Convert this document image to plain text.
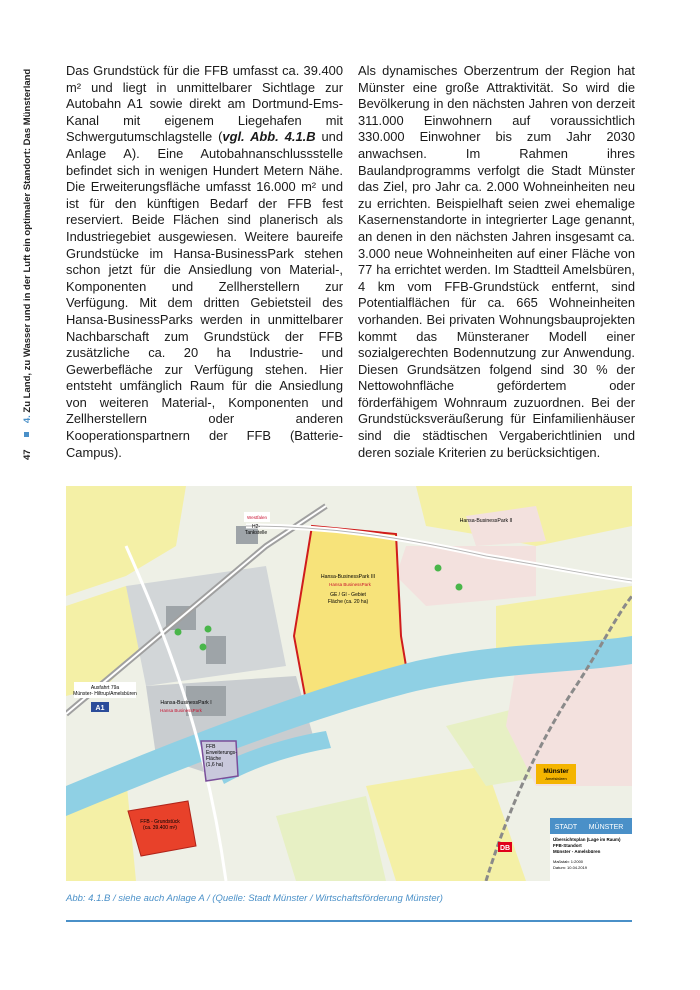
47  4. Zu Land, zu Wasser und in der Luft ein optimaler Standort: Das Münsterland	Das Grundstück für die FFB umfasst ca. 39.400 m² und liegt in unmittelbarer Sichtlage zur Autobahn A1 sowie direkt am Dortmund-Ems-Kanal mit eigenem Liegehafen mit Schwergutumschlagstelle (vgl. Abb. 4.1.B und Anlage A). Eine Autobahnanschlussstelle befindet sich in wenigen Hundert Metern Nähe. Die Erweiterungsfläche umfasst 16.000 m² und ist für den künftigen Bedarf der FFB fest reserviert. Beide Flächen sind planerisch als Industriegebiet ausgewiesen. Weitere baureife Grundstücke im Hansa-BusinessPark stehen schon jetzt für die Ansiedlung von Material-, Komponenten und Zellherstellern zur Verfügung. Mit dem dritten Gebietsteil des Hansa-BusinessParks werden in unmittelbarer Nachbarschaft zum Grundstück der FFB zusätzliche ca. 20 ha Industrie- und Gewerbefläche zur Verfügung stehen. Hier entsteht umfänglich Raum für die Ansiedlung von weiteren Material-, Komponenten und Zellherstellern oder anderen Kooperationspartnern der FFB (Batterie-Campus).

Als dynamisches Oberzentrum der Region hat Münster eine große Attraktivität. So wird die Bevölkerung in den nächsten Jahren von derzeit 311.000 Einwohnern auf voraussichtlich 330.000 Einwohner bis zum Jahr 2030 anwachsen. Im Rahmen ihres Baulandprogramms verfolgt die Stadt Münster das Ziel, pro Jahr ca. 2.000 Wohneinheiten neu zu errichten. Beispielhaft seien zwei ehemalige Kasernenstandorte in integrierter Lage genannt, an denen in den nächsten Jahren insgesamt ca. 3.000 neue Wohneinheiten auf einer Fläche von 77 ha errichtet werden. Im Stadtteil Amelsbüren, 4 km vom FFB-Grundstück entfernt, sind Potentialflächen für ca. 665 Wohneinheiten vorhanden. Bei privaten Wohnungsbauprojekten kommt das Münsteraner Modell einer sozialgerechten Bodennutzung zur Anwendung. Diesen Grundsätzen folgend sind 30 % der Nettowohnfläche gefördertem oder förderfähigem Wohnraum zuzuordnen. Bei der Grundstücksveräußerung für Einfamilienhäuser sind die städtischen Vergaberichtlinien und deren soziale Kriterien zu berücksichtigen.

Westfalen
H2-
Tankstelle
Hansa-BusinessPark III
Hansa BusinessPark
GE / GI - Gebiet
Fläche (ca. 20 ha)
Hansa-BusinessPark II
Hansa-BusinessPark I
Hansa BusinessPark
Ausfahrt 79a
Münster- Hiltrup/Amelsbüren
A1
FFB
Erweiterungs-
Fläche
(1,6 ha)
FFB - Grundstück
(ca. 39.400 m²)
Münster
Amelsbüren
DB
STADT MÜNSTER
Übersichtsplan (Lage im Raum)
FFB-Standort
Münster - Amelsbüren
Maßstab: 1:2000
Datum: 10.04.2019
Abb: 4.1.B / siehe auch Anlage A / (Quelle: Stadt Münster / Wirtschaftsförderung Münster)
